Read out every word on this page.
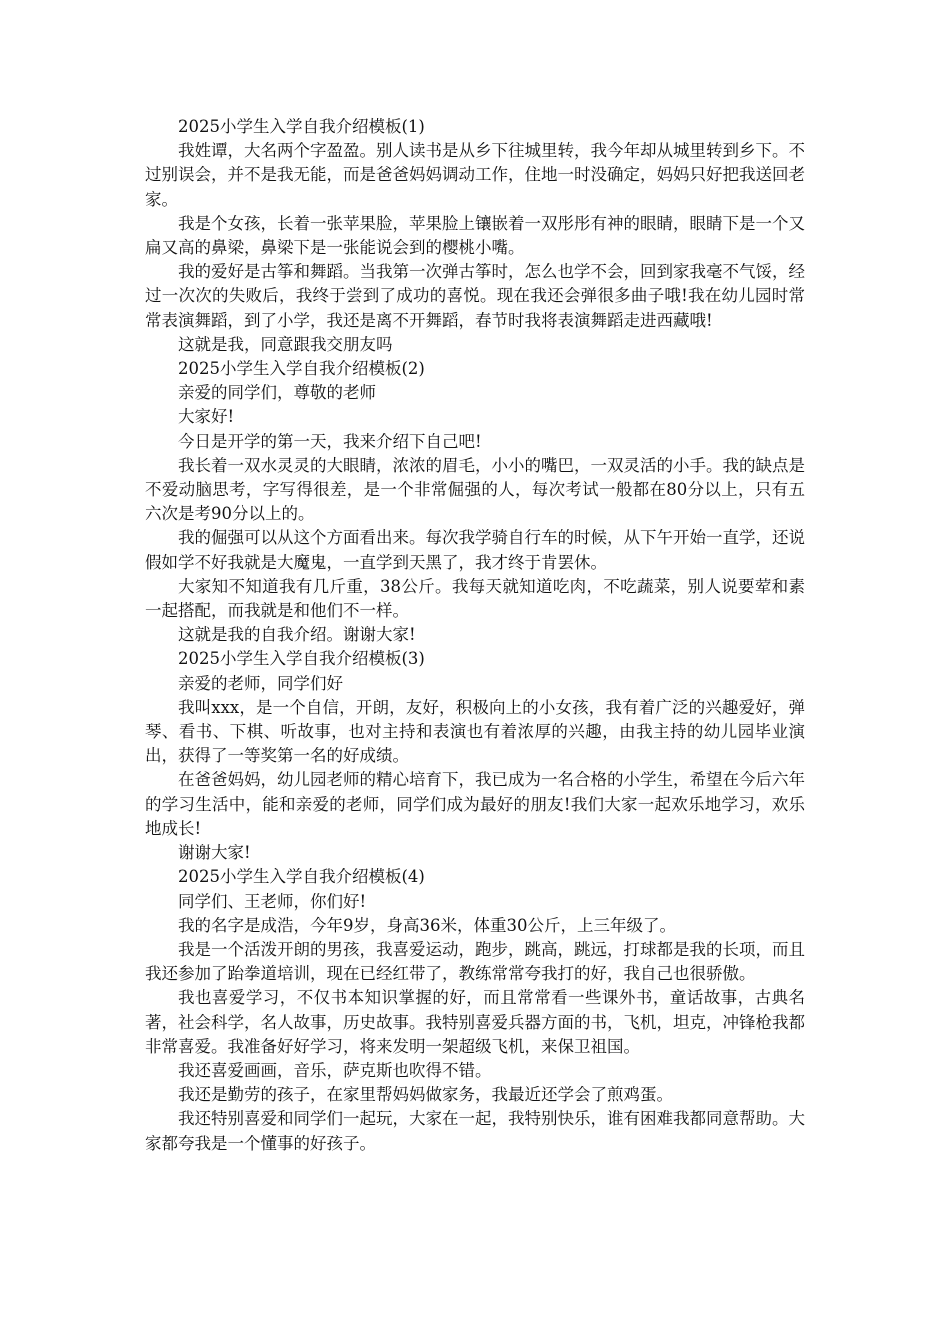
2025小学生入学自我介绍模板(1)

我姓谭，大名两个字盈盈。别人读书是从乡下往城里转，我今年却从城里转到乡下。不过别误会，并不是我无能，而是爸爸妈妈调动工作，住地一时没确定，妈妈只好把我送回老家。

我是个女孩，长着一张苹果脸，苹果脸上镶嵌着一双彤彤有神的眼睛，眼睛下是一个又扁又高的鼻梁，鼻梁下是一张能说会到的樱桃小嘴。

我的爱好是古筝和舞蹈。当我第一次弹古筝时，怎么也学不会，回到家我毫不气馁，经过一次次的失败后，我终于尝到了成功的喜悦。现在我还会弹很多曲子哦!我在幼儿园时常常表演舞蹈，到了小学，我还是离不开舞蹈，春节时我将表演舞蹈走进西藏哦!

这就是我，同意跟我交朋友吗

2025小学生入学自我介绍模板(2)

亲爱的同学们，尊敬的老师

大家好!

今日是开学的第一天，我来介绍下自己吧!

我长着一双水灵灵的大眼睛，浓浓的眉毛，小小的嘴巴，一双灵活的小手。我的缺点是不爱动脑思考，字写得很差，是一个非常倔强的人，每次考试一般都在80分以上，只有五六次是考90分以上的。

我的倔强可以从这个方面看出来。每次我学骑自行车的时候，从下午开始一直学，还说假如学不好我就是大魔鬼，一直学到天黑了，我才终于肯罢休。

大家知不知道我有几斤重，38公斤。我每天就知道吃肉，不吃蔬菜，别人说要荤和素一起搭配，而我就是和他们不一样。

这就是我的自我介绍。谢谢大家!

2025小学生入学自我介绍模板(3)

亲爱的老师，同学们好

我叫xxx，是一个自信，开朗，友好，积极向上的小女孩，我有着广泛的兴趣爱好，弹琴、看书、下棋、听故事，也对主持和表演也有着浓厚的兴趣，由我主持的幼儿园毕业演出，获得了一等奖第一名的好成绩。

在爸爸妈妈，幼儿园老师的精心培育下，我已成为一名合格的小学生，希望在今后六年的学习生活中，能和亲爱的老师，同学们成为最好的朋友!我们大家一起欢乐地学习，欢乐地成长!

谢谢大家!

2025小学生入学自我介绍模板(4)

同学们、王老师，你们好!

我的名字是成浩，今年9岁，身高36米，体重30公斤，上三年级了。

我是一个活泼开朗的男孩，我喜爱运动，跑步，跳高，跳远，打球都是我的长项，而且我还参加了跆拳道培训，现在已经红带了，教练常常夸我打的好，我自己也很骄傲。

我也喜爱学习，不仅书本知识掌握的好，而且常常看一些课外书，童话故事，古典名著，社会科学，名人故事，历史故事。我特别喜爱兵器方面的书，飞机，坦克，冲锋枪我都非常喜爱。我准备好好学习，将来发明一架超级飞机，来保卫祖国。

我还喜爱画画，音乐，萨克斯也吹得不错。

我还是勤劳的孩子，在家里帮妈妈做家务，我最近还学会了煎鸡蛋。

我还特别喜爱和同学们一起玩，大家在一起，我特别快乐，谁有困难我都同意帮助。大家都夸我是一个懂事的好孩子。
